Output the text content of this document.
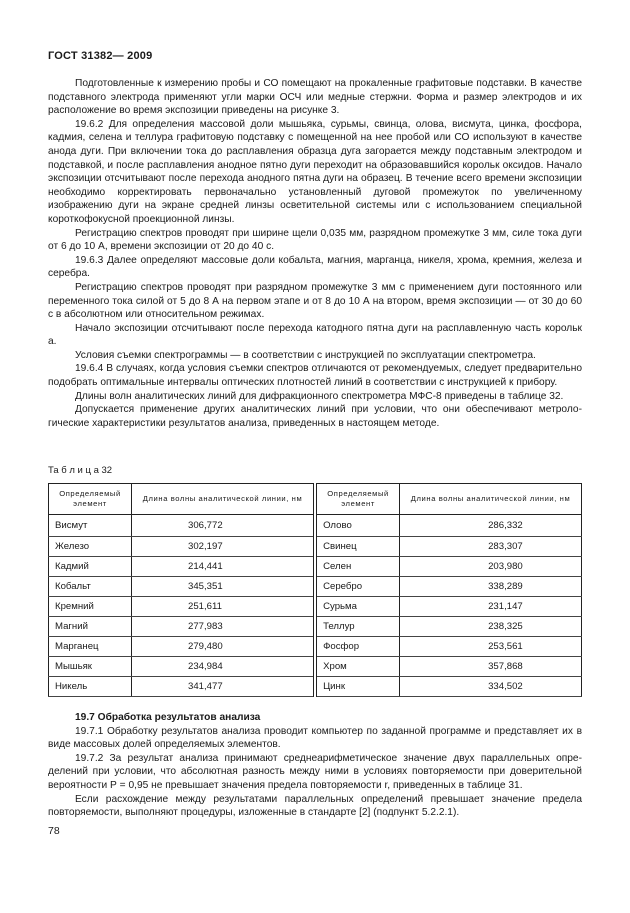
ГОСТ 31382— 2009

Подготовленные к измерению пробы и СО помещают на прокаленные графитовые подставки. В качестве подставного электрода применяют угли марки ОСЧ или медные стержни. Форма и размер электродов и их расположение во время экспозиции приведены на рисунке 3.

19.6.2 Для определения массовой доли мышьяка, сурьмы, свинца, олова, висмута, цинка, фосфора, кадмия, селена и теллура графитовую подставку с помещенной на нее пробой или СО используют в качестве анода дуги. При включении тока до расплавления образца дуга загорается между подставным электродом и подставкой, и после расплавления анодное пятно дуги переходит на образовавшийся корольк оксидов. Начало экспозиции отсчитывают после перехода анодного пятна дуги на образец. В течение всего времени экспозиции необходимо корректировать первоначально установленный дуговой промежуток по увеличенному изображению дуги на экране средней линзы осветительной системы или с использованием специальной короткофокусной проекционной линзы.

Регистрацию спектров проводят при ширине щели 0,035 мм, разрядном промежутке 3 мм, силе тока дуги от 6 до 10 А, времени экспозиции от 20 до 40 с.

19.6.3 Далее определяют массовые доли кобальта, магния, марганца, никеля, хрома, кремния, железа и серебра.

Регистрацию спектров проводят при разрядном промежутке 3 мм с применением дуги постоянного или переменного тока силой от 5 до 8 А на первом этапе и от 8 до 10 А на втором, время экспозиции — от 30 до 60 с в абсолютном или относительном режимах.

Начало экспозиции отсчитывают после перехода катодного пятна дуги на расплавленную часть корольк а.

Условия съемки спектрограммы — в соответствии с инструкцией по эксплуатации спектрометра.

19.6.4 В случаях, когда условия съемки спектров отличаются от рекомендуемых, следует предварительно подобрать оптимальные интервалы оптических плотностей линий в соответствии с инструкцией к прибору.

Длины волн аналитических линий для дифракционного спектрометра МФС-8 приведены в таблице 32.

Допускается применение других аналитических линий при условии, что они обеспечивают метрологические характеристики результатов анализа, приведенных в настоящем методе.

Та б л и ц а 32
Определяемый элемент	Длина волны аналитической линии, нм	Определяемый элемент	Длина волны аналитической линии, нм
Висмут	306,772	Олово	286,332
Железо	302,197	Свинец	283,307
Кадмий	214,441	Селен	203,980
Кобальт	345,351	Серебро	338,289
Кремний	251,611	Сурьма	231,147
Магний	277,983	Теллур	238,325
Марганец	279,480	Фосфор	253,561
Мышьяк	234,984	Хром	357,868
Никель	341,477	Цинк	334,502

19.7 Обработка результатов анализа

19.7.1 Обработку результатов анализа проводит компьютер по заданной программе и представляет их в виде массовых долей определяемых элементов.

19.7.2 За результат анализа принимают среднеарифметическое значение двух параллельных определений при условии, что абсолютная разность между ними в условиях повторяемости при доверительной вероятности Р = 0,95 не превышает значения предела повторяемости r, приведенных в таблице 31.

Если расхождение между результатами параллельных определений превышает значение предела повторяемости, выполняют процедуры, изложенные в стандарте [2] (подпункт 5.2.2.1).

78
